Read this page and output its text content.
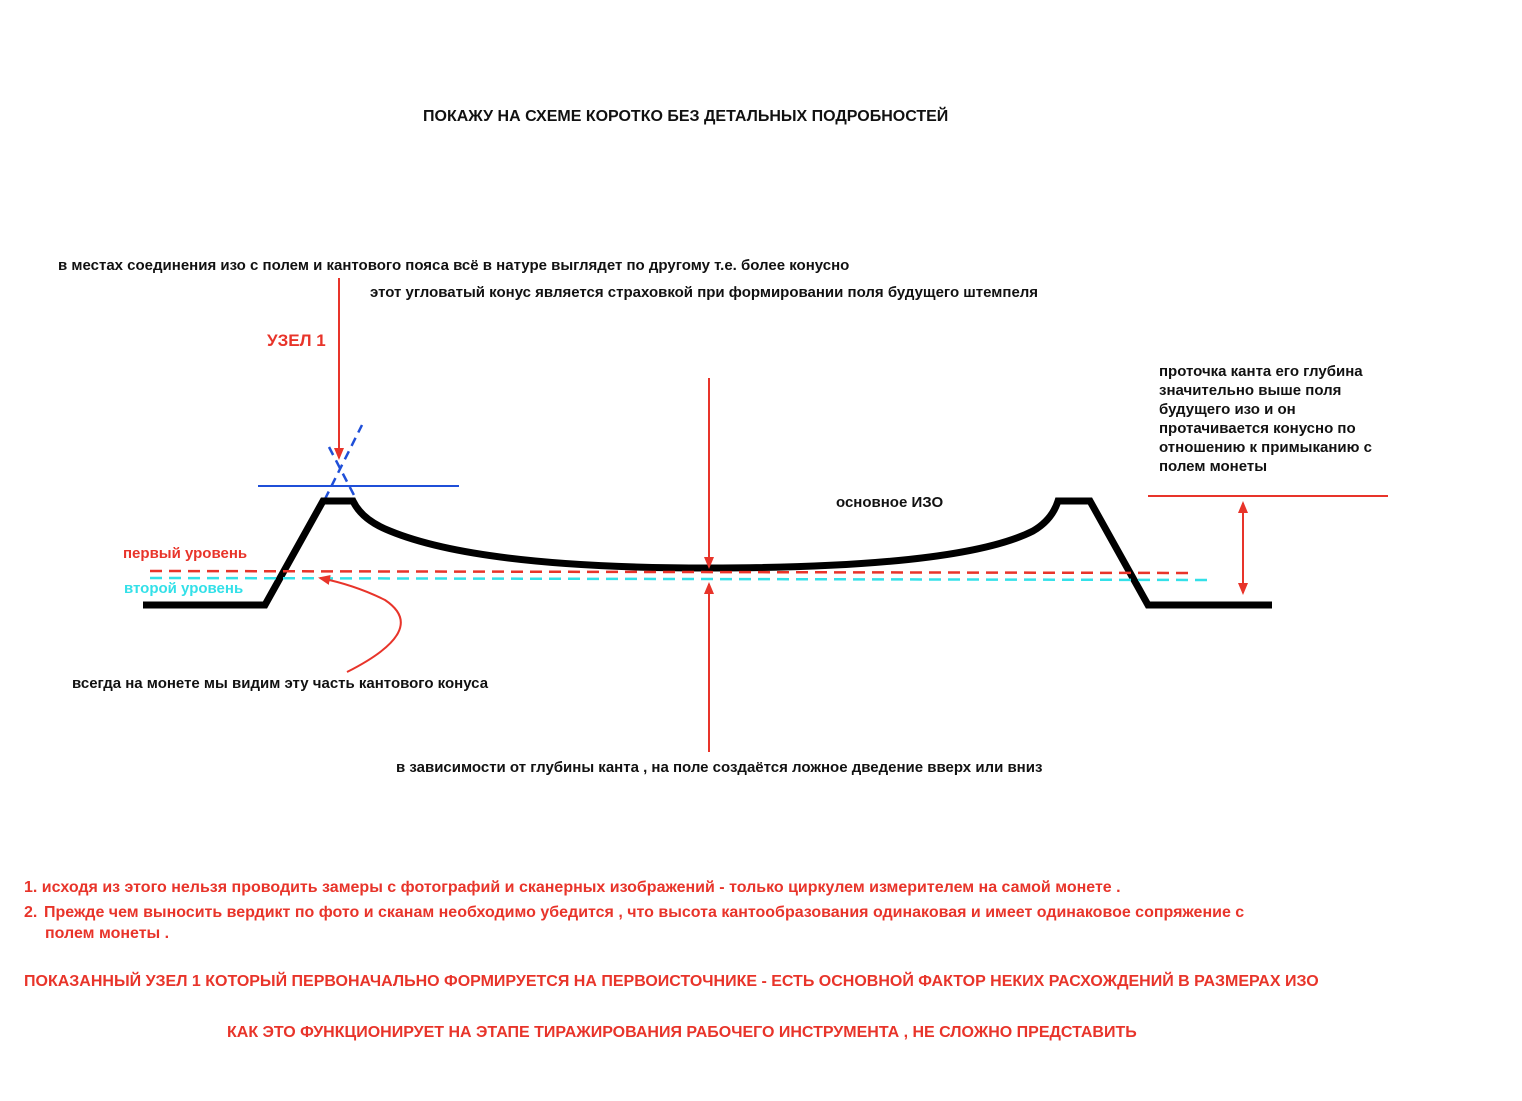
ПОКАЖУ НА СХЕМЕ КОРОТКО БЕЗ ДЕТАЛЬНЫХ ПОДРОБНОСТЕЙ
в местах соединения изо с полем и кантового пояса всё в натуре выглядет по другому т.е. более конусно
этот угловатый конус является страховкой при формировании поля будущего штемпеля
УЗЕЛ 1
проточка канта его глубина значительно выше поля будущего изо и он протачивается конусно по отношению к примыканию с полем монеты
основное ИЗО
первый уровень
второй уровень
всегда на монете мы видим эту часть кантового конуса
в зависимости от глубины канта , на поле создаётся ложное дведение вверх или вниз
1. исходя из этого нельзя проводить замеры с фотографий и сканерных изображений - только циркулем измерителем на самой монете .
2. Прежде чем выносить вердикт по фото и сканам необходимо убедится , что высота кантообразования одинаковая и имеет одинаковое сопряжение с
полем монеты .
ПОКАЗАННЫЙ УЗЕЛ 1 КОТОРЫЙ ПЕРВОНАЧАЛЬНО ФОРМИРУЕТСЯ НА ПЕРВОИСТОЧНИКЕ - ЕСТЬ ОСНОВНОЙ ФАКТОР НЕКИХ РАСХОЖДЕНИЙ В РАЗМЕРАХ ИЗО
КАК ЭТО ФУНКЦИОНИРУЕТ НА ЭТАПЕ ТИРАЖИРОВАНИЯ РАБОЧЕГО ИНСТРУМЕНТА , НЕ СЛОЖНО ПРЕДСТАВИТЬ
